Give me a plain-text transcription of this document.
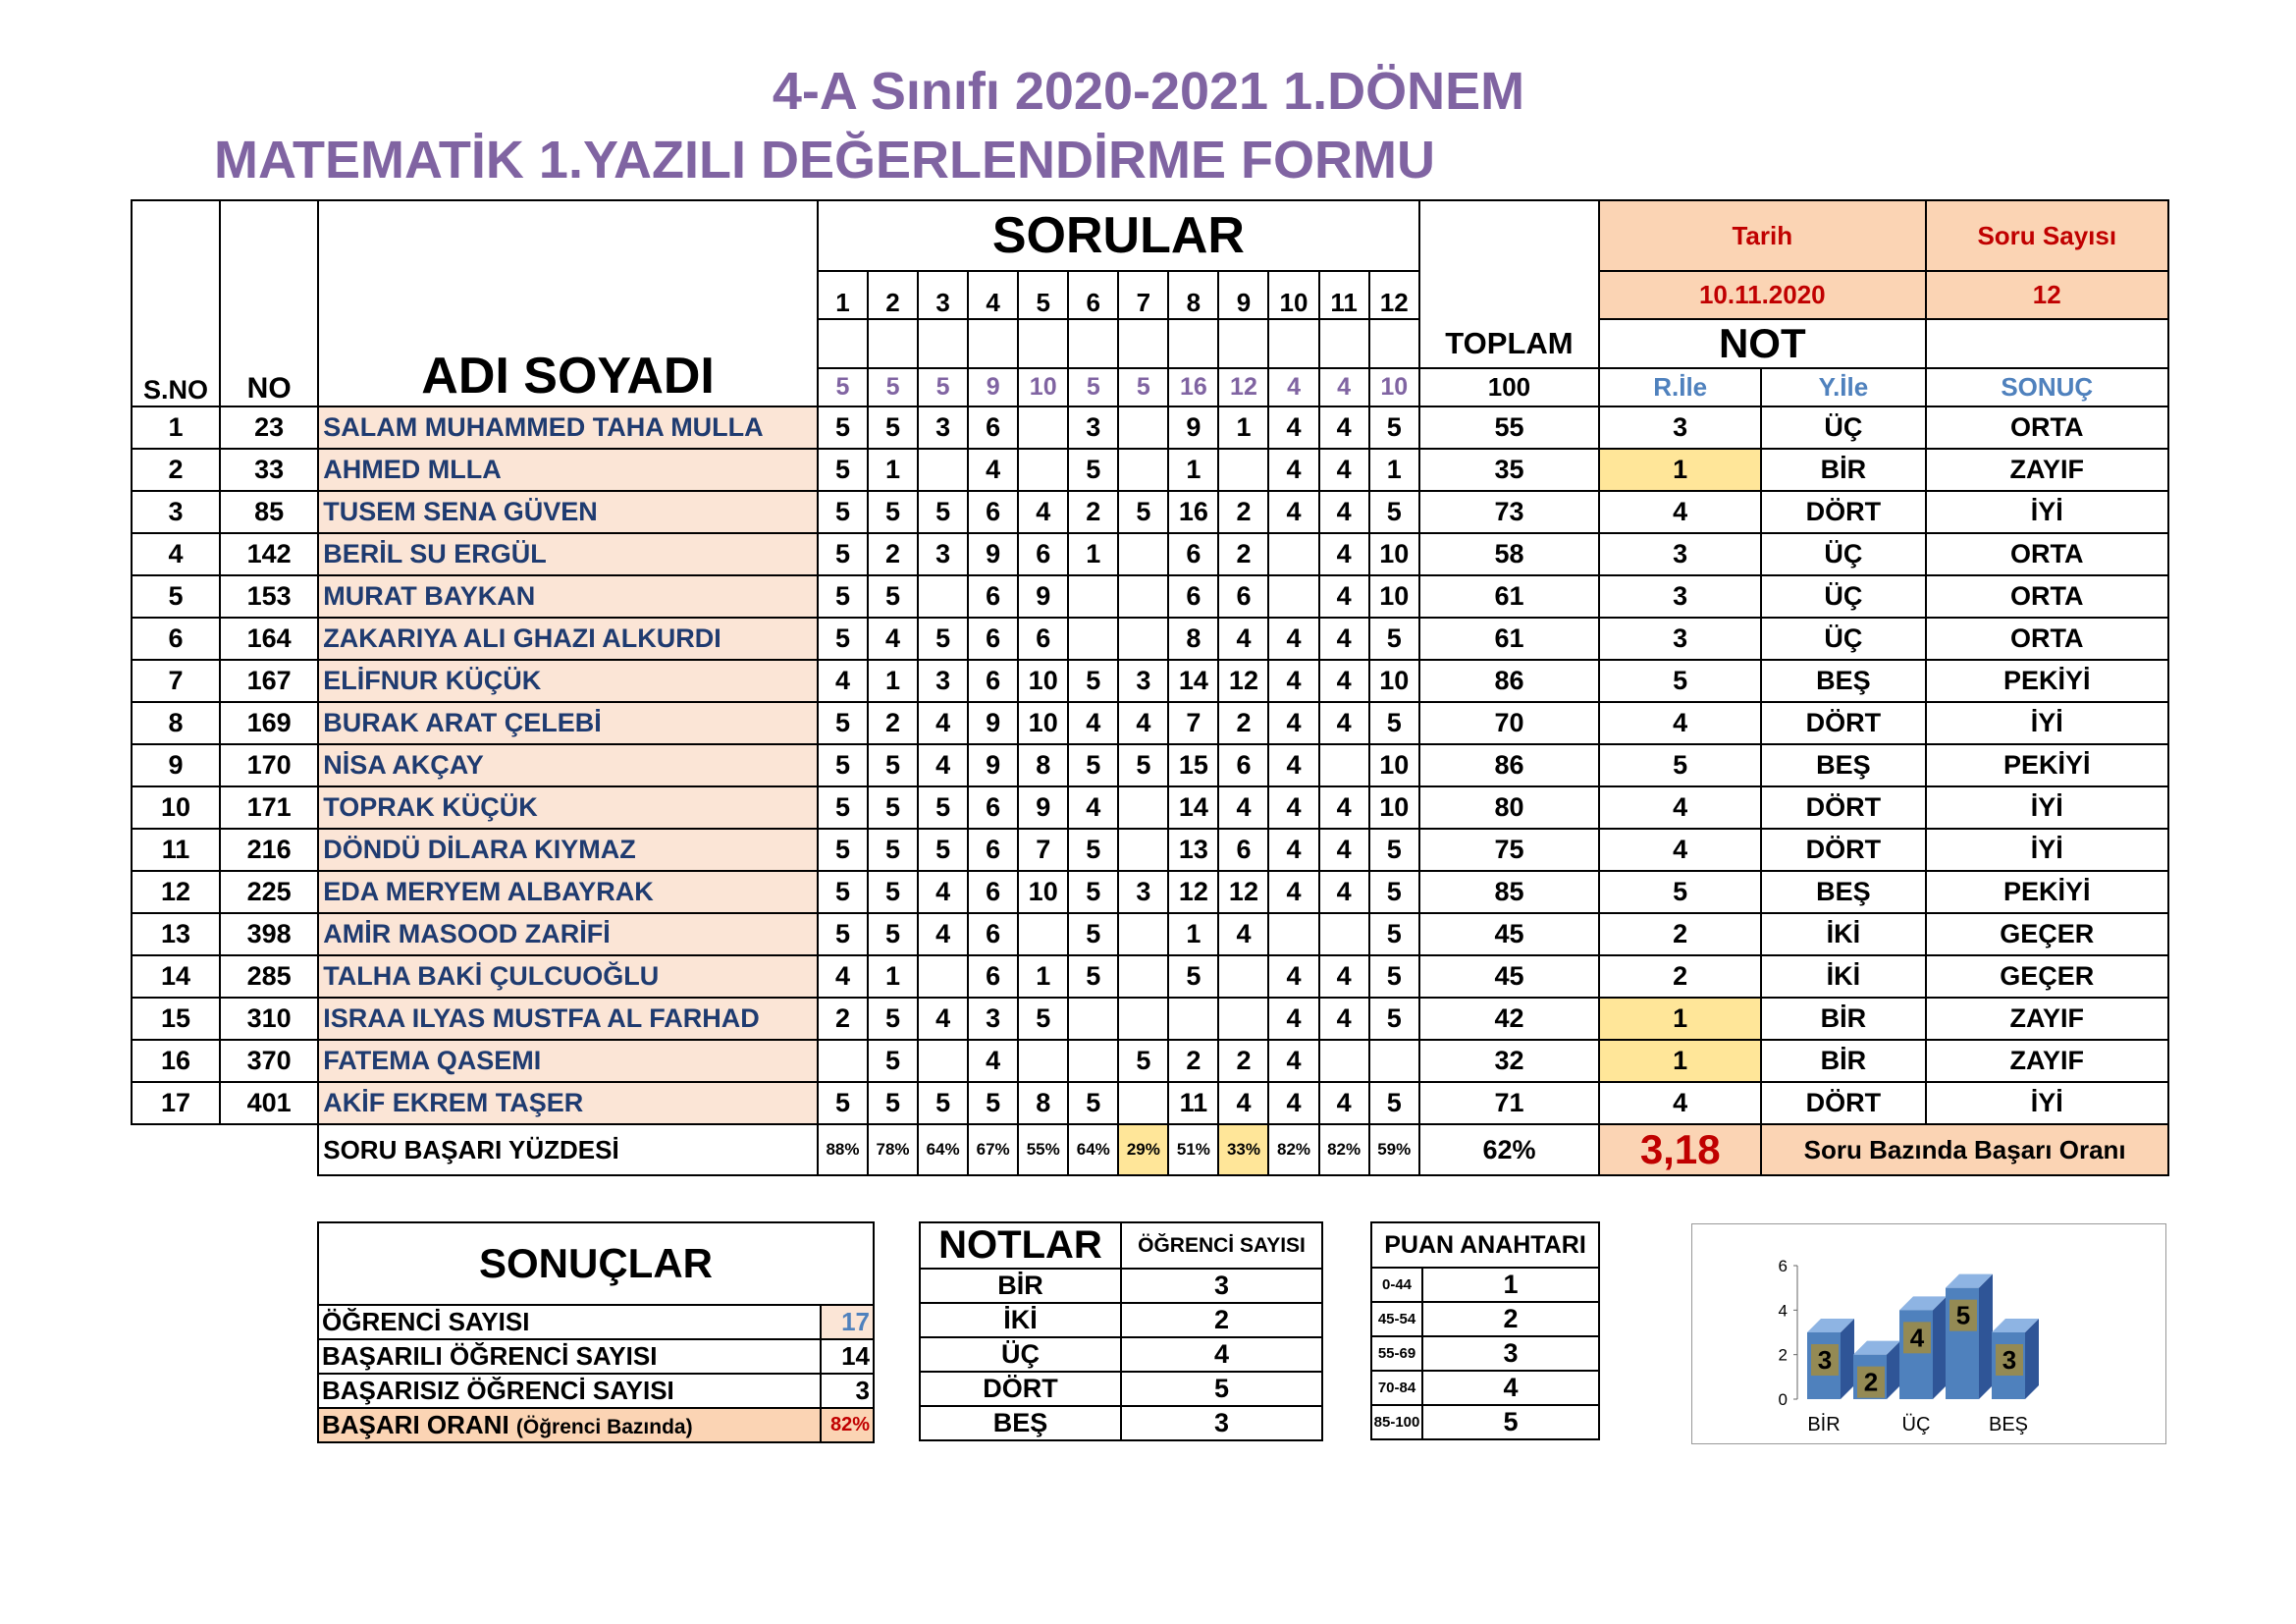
4-A Sınıfı 2020-2021 1.DÖNEM
MATEMATİK 1.YAZILI DEĞERLENDİRME FORMU
S.NO	NO	ADI SOYADI	SORULAR												TOPLAM	Tarih		Soru Sayısı
			1	2	3	4	5	6	7	8	9	10	11	12		10.11.2020		12
																NOT		
			5	5	5	9	10	5	5	16	12	4	4	10	100	R.İle	Y.İle	SONUÇ
1	23	SALAM MUHAMMED TAHA MULLA	5	5	3	6		3		9	1	4	4	5	55	3	ÜÇ	ORTA
2	33	AHMED MLLA	5	1		4		5		1		4	4	1	35	1	BİR	ZAYIF
3	85	TUSEM SENA GÜVEN	5	5	5	6	4	2	5	16	2	4	4	5	73	4	DÖRT	İYİ
4	142	BERİL SU ERGÜL	5	2	3	9	6	1		6	2		4	10	58	3	ÜÇ	ORTA
5	153	MURAT BAYKAN	5	5		6	9			6	6		4	10	61	3	ÜÇ	ORTA
6	164	ZAKARIYA ALI GHAZI ALKURDI	5	4	5	6	6			8	4	4	4	5	61	3	ÜÇ	ORTA
7	167	ELİFNUR KÜÇÜK	4	1	3	6	10	5	3	14	12	4	4	10	86	5	BEŞ	PEKİYİ
8	169	BURAK ARAT ÇELEBİ	5	2	4	9	10	4	4	7	2	4	4	5	70	4	DÖRT	İYİ
9	170	NİSA AKÇAY	5	5	4	9	8	5	5	15	6	4		10	86	5	BEŞ	PEKİYİ
10	171	TOPRAK KÜÇÜK	5	5	5	6	9	4		14	4	4	4	10	80	4	DÖRT	İYİ
11	216	DÖNDÜ DİLARA KIYMAZ	5	5	5	6	7	5		13	6	4	4	5	75	4	DÖRT	İYİ
12	225	EDA MERYEM ALBAYRAK	5	5	4	6	10	5	3	12	12	4	4	5	85	5	BEŞ	PEKİYİ
13	398	AMİR MASOOD ZARİFİ	5	5	4	6		5		1	4			5	45	2	İKİ	GEÇER
14	285	TALHA BAKİ ÇULCUOĞLU	4	1		6	1	5		5		4	4	5	45	2	İKİ	GEÇER
15	310	ISRAA ILYAS MUSTFA AL FARHAD	2	5	4	3	5					4	4	5	42	1	BİR	ZAYIF
16	370	FATEMA QASEMI		5		4			5	2	2	4			32	1	BİR	ZAYIF
17	401	AKİF EKREM TAŞER	5	5	5	5	8	5		11	4	4	4	5	71	4	DÖRT	İYİ
		SORU BAŞARI YÜZDESİ	88%	78%	64%	67%	55%	64%	29%	51%	33%	82%	82%	59%	62%	3,18	Soru Bazında Başarı Oranı	
SONUÇLAR	
ÖĞRENCİ SAYISI	17
BAŞARILI ÖĞRENCİ SAYISI	14
BAŞARISIZ ÖĞRENCİ SAYISI	3
BAŞARI ORANI (Öğrenci Bazında)	82%
NOTLAR	ÖĞRENCİ SAYISI
BİR	3
İKİ	2
ÜÇ	4
DÖRT	5
BEŞ	3
PUAN ANAHTARI	
0-44	1
45-54	2
55-69	3
70-84	4
85-100	5
0
2
4
6
3
2
4
5
3
BİR	ÜÇ	BEŞ
